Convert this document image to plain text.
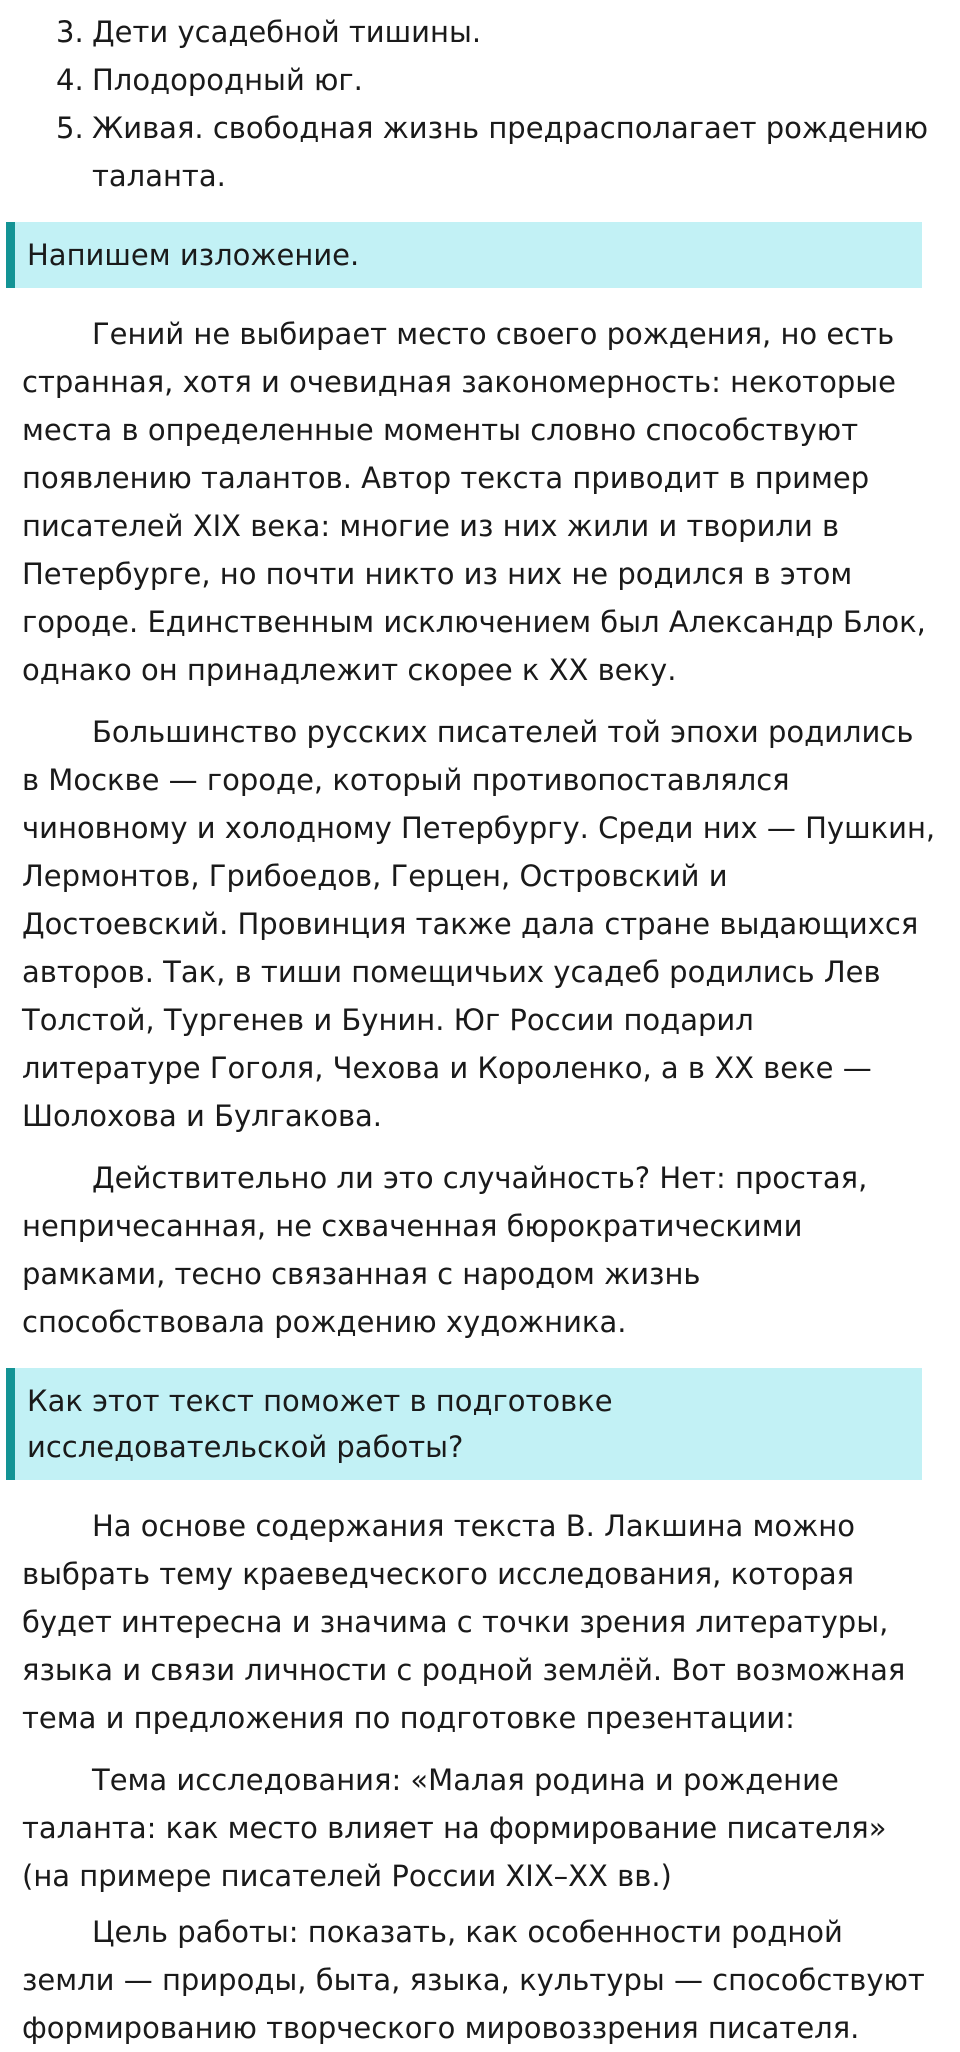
Дети усадебной тишины.
Плодородный юг.
Живая. свободная жизнь предрасполагает рождению таланта.
Напишем изложение.

Гений не выбирает место своего рождения, но есть странная, хотя и очевидная закономерность: некоторые места в определенные моменты словно способствуют появлению талантов. Автор текста приводит в пример писателей XIX века: многие из них жили и творили в Петербурге, но почти никто из них не родился в этом городе. Единственным исключением был Александр Блок, однако он принадлежит скорее к XX веку.

Большинство русских писателей той эпохи родились в Москве — городе, который противопоставлялся чиновному и холодному Петербургу. Среди них — Пушкин, Лермонтов, Грибоедов, Герцен, Островский и Достоевский. Провинция также дала стране выдающихся авторов. Так, в тиши помещичьих усадеб родились Лев Толстой, Тургенев и Бунин. Юг России подарил литературе Гоголя, Чехова и Короленко, а в XX веке — Шолохова и Булгакова.

Действительно ли это случайность? Нет: простая, непричесанная, не схваченная бюрократическими рамками, тесно связанная с народом жизнь способствовала рождению художника.

Как этот текст поможет в подготовке исследовательской работы?

На основе содержания текста В. Лакшина можно выбрать тему краеведческого исследования, которая будет интересна и значима с точки зрения литературы, языка и связи личности с родной землёй. Вот возможная тема и предложения по подготовке презентации:

Тема исследования: «Малая родина и рождение таланта: как место влияет на формирование писателя» (на примере писателей России XIX–XX вв.)

Цель работы: показать, как особенности родной земли — природы, быта, языка, культуры — способствуют формированию творческого мировоззрения писателя.
